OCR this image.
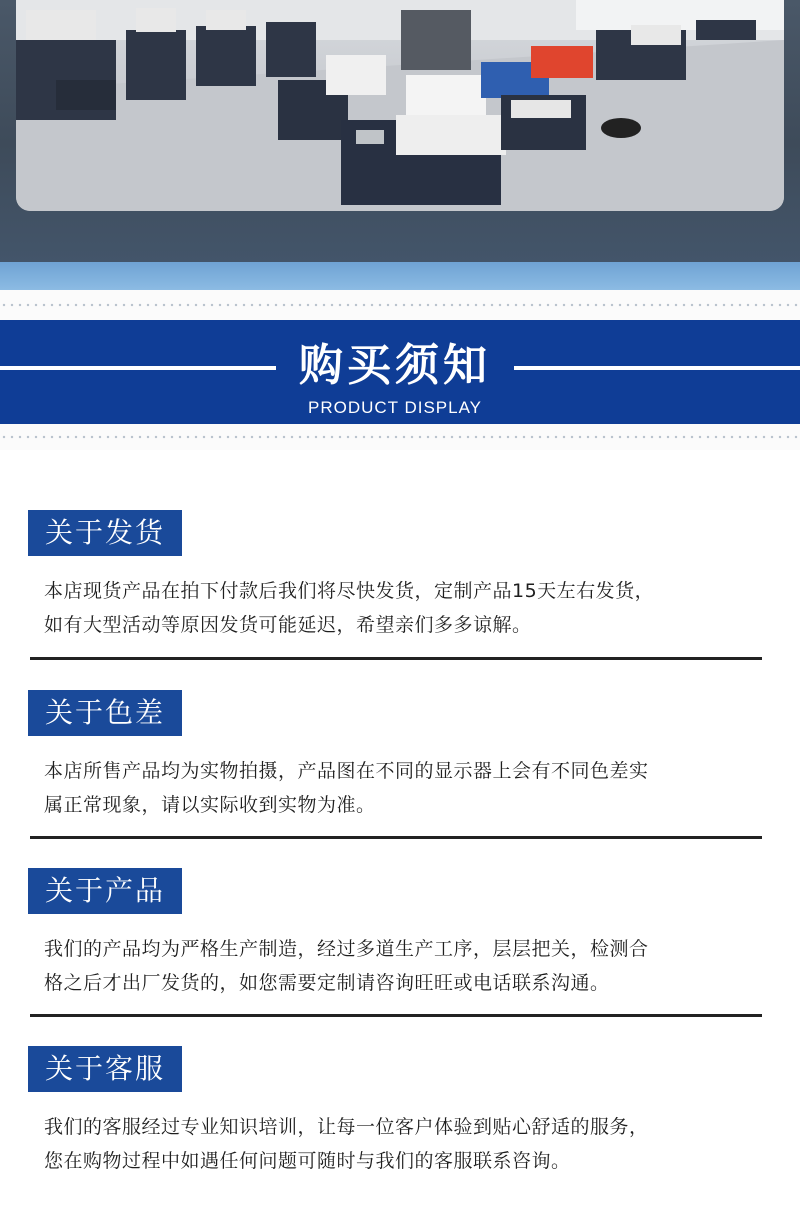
购买须知
PRODUCT DISPLAY
关于发货

本店现货产品在拍下付款后我们将尽快发货，定制产品15天左右发货，

如有大型活动等原因发货可能延迟，希望亲们多多谅解。

关于色差

本店所售产品均为实物拍摄，产品图在不同的显示器上会有不同色差实

属正常现象，请以实际收到实物为准。

关于产品

我们的产品均为严格生产制造，经过多道生产工序，层层把关，检测合

格之后才出厂发货的，如您需要定制请咨询旺旺或电话联系沟通。

关于客服

我们的客服经过专业知识培训，让每一位客户体验到贴心舒适的服务，

您在购物过程中如遇任何问题可随时与我们的客服联系咨询。
